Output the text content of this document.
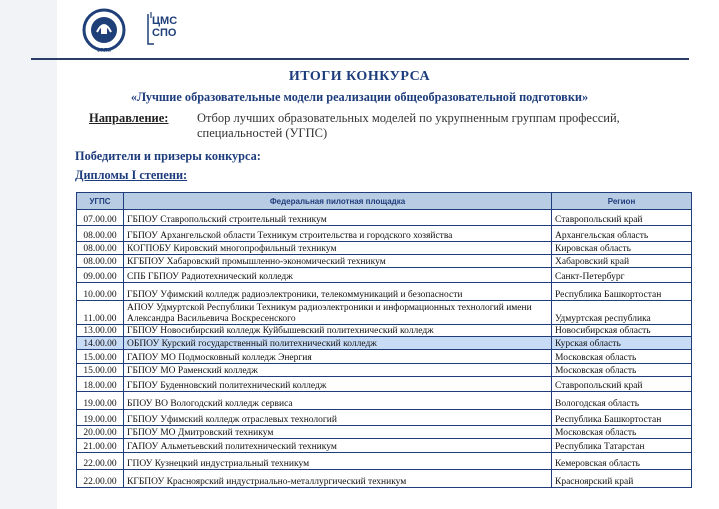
ФРПО
ЦМС
СПО
ИТОГИ КОНКУРСА
«Лучшие образовательные модели реализации общеобразовательной подготовки»
Направление: Отбор лучших образовательных моделей по укрупненным группам профессий, специальностей (УГПС)
Победители и призеры конкурса:
Дипломы I степени:
УГПС	Федеральная пилотная площадка	Регион
07.00.00	ГБПОУ Ставропольский строительный техникум	Ставропольский край
08.00.00	ГБПОУ Архангельской области Техникум строительства и городского хозяйства	Архангельская область
08.00.00	КОГПОБУ Кировский многопрофильный техникум	Кировская область
08.00.00	КГБПОУ Хабаровский промышленно-экономический техникум	Хабаровский край
09.00.00	СПБ ГБПОУ Радиотехнический колледж	Санкт-Петербург
10.00.00	ГБПОУ Уфимский колледж радиоэлектроники, телекоммуникаций и безопасности	Республика Башкортостан
11.00.00	АПОУ Удмуртской Республики Техникум радиоэлектроники и информационных технологий имени Александра Васильевича Воскресенского	Удмуртская республика
13.00.00	ГБПОУ Новосибирский колледж Куйбышевский политехнический колледж	Новосибирская область
14.00.00	ОБПОУ Курский государственный политехнический колледж	Курская область
15.00.00	ГАПОУ МО Подмосковный колледж Энергия	Московская область
15.00.00	ГБПОУ МО Раменский колледж	Московская область
18.00.00	ГБПОУ Буденновский политехнический колледж	Ставропольский край
19.00.00	БПОУ ВО Вологодский колледж сервиса	Вологодская область
19.00.00	ГБПОУ Уфимский колледж отраслевых технологий	Республика Башкортостан
20.00.00	ГБПОУ МО Дмитровский техникум	Московская область
21.00.00	ГАПОУ Альметьевский политехнический техникум	Республика Татарстан
22.00.00	ГПОУ Кузнецкий индустриальный техникум	Кемеровская область
22.00.00	КГБПОУ Красноярский индустриально-металлургический техникум	Красноярский край
